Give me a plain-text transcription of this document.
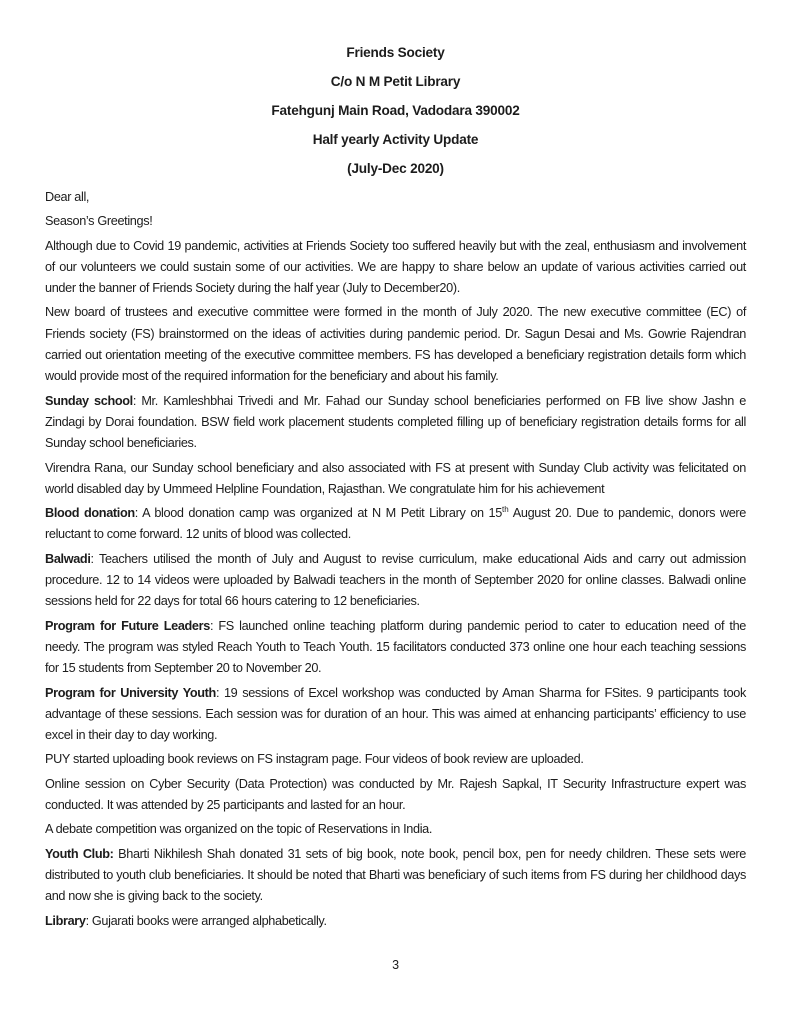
Friends Society

C/o N M Petit Library

Fatehgunj Main Road, Vadodara 390002

Half yearly Activity Update

(July-Dec 2020)

Dear all,

Season’s Greetings!

Although due to Covid 19 pandemic, activities at Friends Society too suffered heavily but with the zeal, enthusiasm and involvement of our volunteers we could sustain some of our activities. We are happy to share below an update of various activities carried out under the banner of Friends Society during the half year (July to December20).

New board of trustees and executive committee were formed in the month of July 2020. The new executive committee (EC) of Friends society (FS) brainstormed on the ideas of activities during pandemic period. Dr. Sagun Desai and Ms. Gowrie Rajendran carried out orientation meeting of the executive committee members. FS has developed a beneficiary registration details form which would provide most of the required information for the beneficiary and about his family.

Sunday school: Mr. Kamleshbhai Trivedi and Mr. Fahad our Sunday school beneficiaries performed on FB live show Jashn e Zindagi by Dorai foundation. BSW field work placement students completed filling up of beneficiary registration details forms for all Sunday school beneficiaries.

Virendra Rana, our Sunday school beneficiary and also associated with FS at present with Sunday Club activity was felicitated on world disabled day by Ummeed Helpline Foundation, Rajasthan. We congratulate him for his achievement

Blood donation: A blood donation camp was organized at N M Petit Library on 15th August 20. Due to pandemic, donors were reluctant to come forward. 12 units of blood was collected.

Balwadi: Teachers utilised the month of July and August to revise curriculum, make educational Aids and carry out admission procedure. 12 to 14 videos were uploaded by Balwadi teachers in the month of September 2020 for online classes. Balwadi online sessions held for 22 days for total 66 hours catering to 12 beneficiaries.

Program for Future Leaders: FS launched online teaching platform during pandemic period to cater to education need of the needy. The program was styled Reach Youth to Teach Youth. 15 facilitators conducted 373 online one hour each teaching sessions for 15 students from September 20 to November 20.

Program for University Youth: 19 sessions of Excel workshop was conducted by Aman Sharma for FSites. 9 participants took advantage of these sessions. Each session was for duration of an hour. This was aimed at enhancing participants’ efficiency to use excel in their day to day working.

PUY started uploading book reviews on FS instagram page. Four videos of book review are uploaded.

Online session on Cyber Security (Data Protection) was conducted by Mr. Rajesh Sapkal, IT Security Infrastructure expert was conducted. It was attended by 25 participants and lasted for an hour.

A debate competition was organized on the topic of Reservations in India.

Youth Club: Bharti Nikhilesh Shah donated 31 sets of big book, note book, pencil box, pen for needy children. These sets were distributed to youth club beneficiaries. It should be noted that Bharti was beneficiary of such items from FS during her childhood days and now she is giving back to the society.

Library: Gujarati books were arranged alphabetically.

3
